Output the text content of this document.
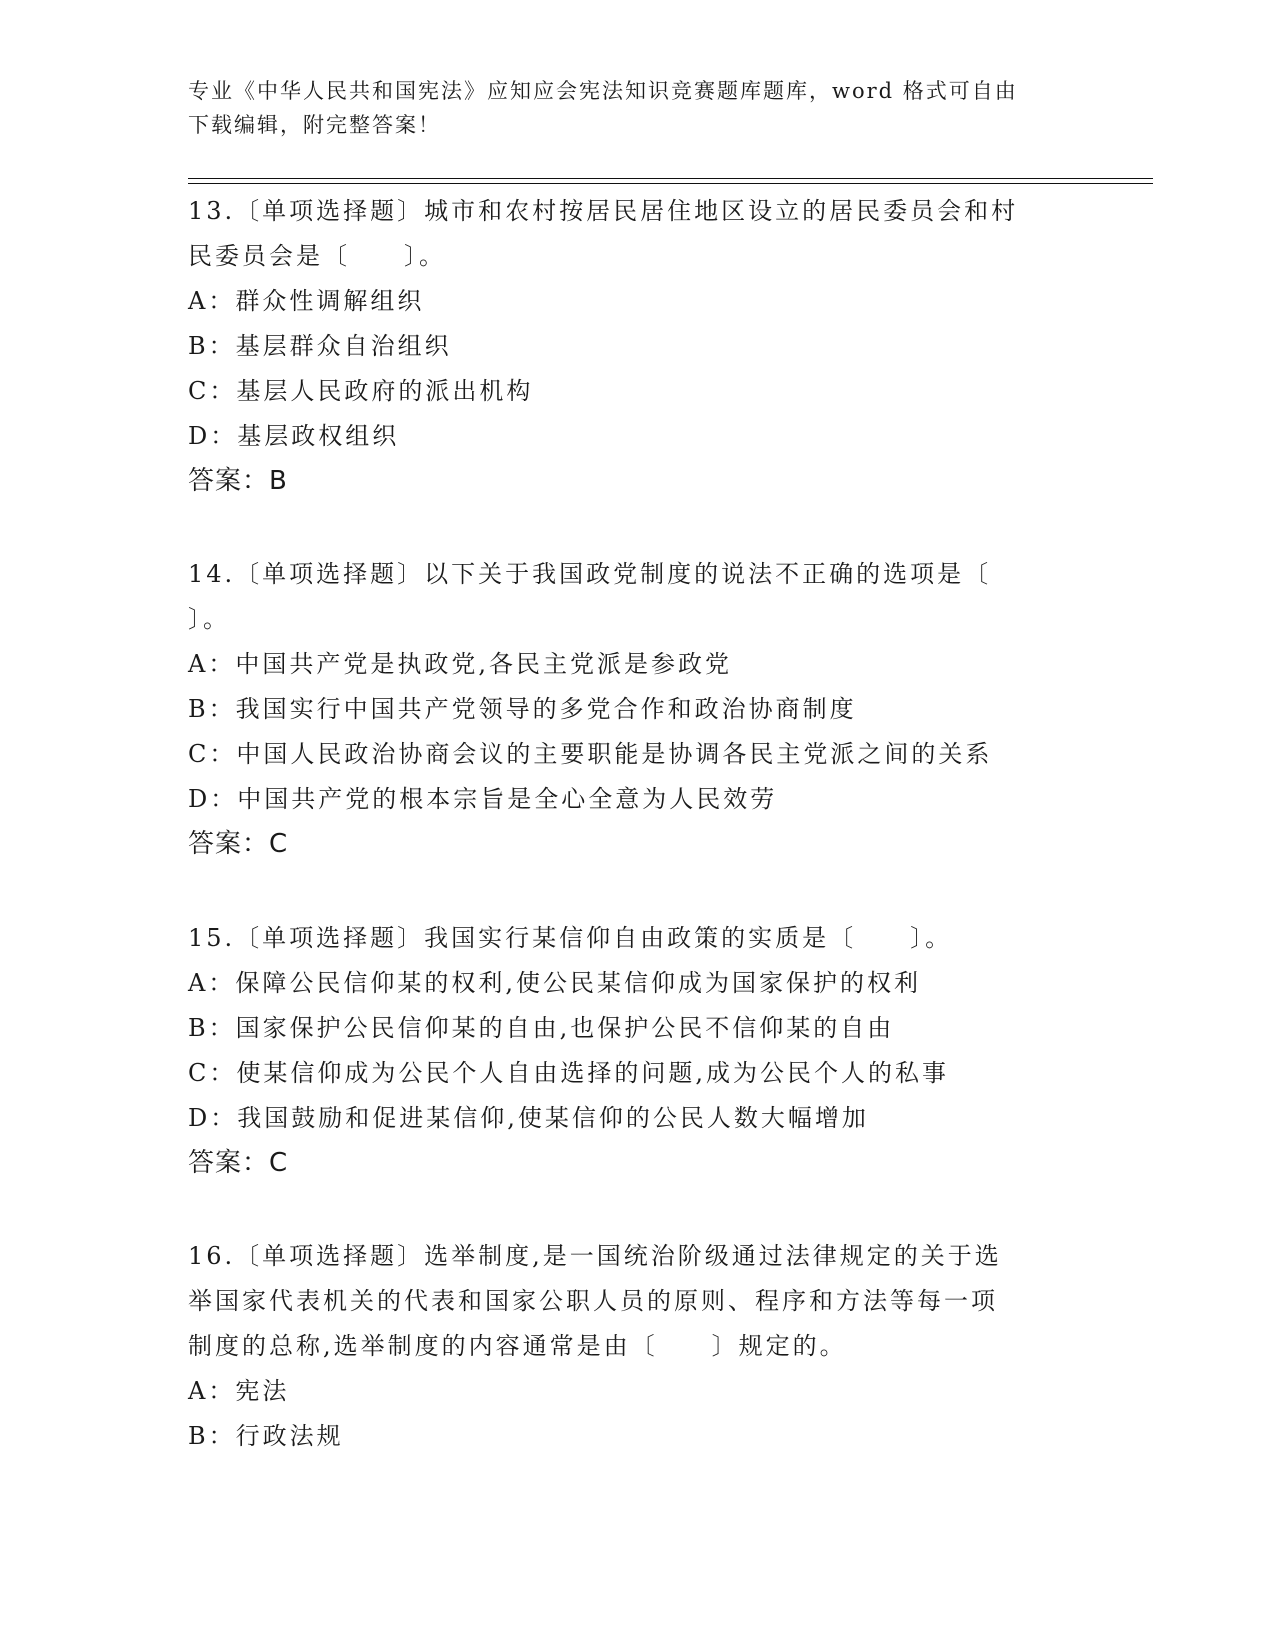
专业《中华人民共和国宪法》应知应会宪法知识竞赛题库题库，word 格式可自由
下载编辑，附完整答案！
13.〔单项选择题〕城市和农村按居民居住地区设立的居民委员会和村
民委员会是〔　　〕。
A：群众性调解组织
B：基层群众自治组织
C：基层人民政府的派出机构
D：基层政权组织
答案：B
14.〔单项选择题〕以下关于我国政党制度的说法不正确的选项是〔
〕。
A：中国共产党是执政党,各民主党派是参政党
B：我国实行中国共产党领导的多党合作和政治协商制度
C：中国人民政治协商会议的主要职能是协调各民主党派之间的关系
D：中国共产党的根本宗旨是全心全意为人民效劳
答案：C
15.〔单项选择题〕我国实行某信仰自由政策的实质是〔　　〕。
A：保障公民信仰某的权利,使公民某信仰成为国家保护的权利
B：国家保护公民信仰某的自由,也保护公民不信仰某的自由
C：使某信仰成为公民个人自由选择的问题,成为公民个人的私事
D：我国鼓励和促进某信仰,使某信仰的公民人数大幅增加
答案：C
16.〔单项选择题〕选举制度,是一国统治阶级通过法律规定的关于选
举国家代表机关的代表和国家公职人员的原则、程序和方法等每一项
制度的总称,选举制度的内容通常是由〔　　〕规定的。
A：宪法
B：行政法规
